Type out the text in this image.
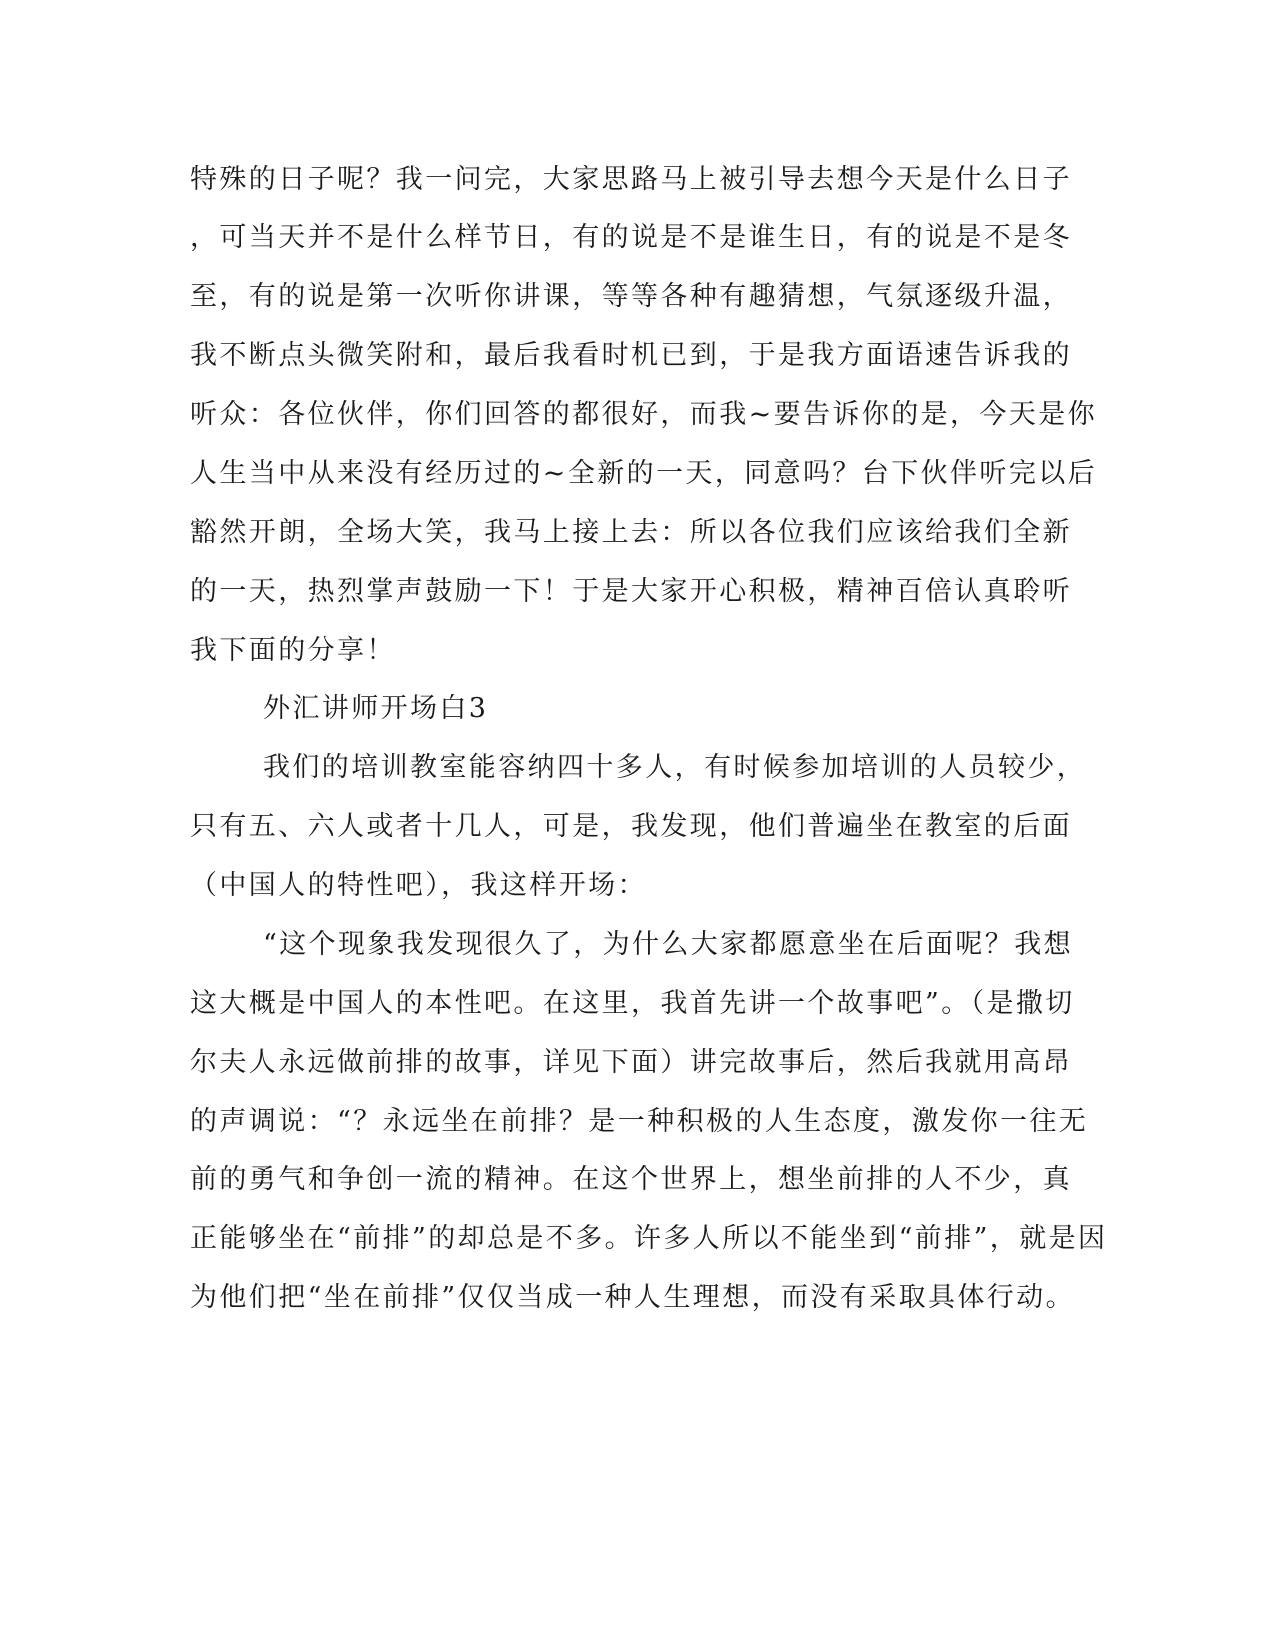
特殊的日子呢？我一问完，大家思路马上被引导去想今天是什么日子

，可当天并不是什么样节日，有的说是不是谁生日，有的说是不是冬

至，有的说是第一次听你讲课，等等各种有趣猜想，气氛逐级升温，

我不断点头微笑附和，最后我看时机已到，于是我方面语速告诉我的

听众：各位伙伴，你们回答的都很好，而我~要告诉你的是，今天是你

人生当中从来没有经历过的~全新的一天，同意吗？台下伙伴听完以后

豁然开朗，全场大笑，我马上接上去：所以各位我们应该给我们全新

的一天，热烈掌声鼓励一下！于是大家开心积极，精神百倍认真聆听

我下面的分享！

外汇讲师开场白3

我们的培训教室能容纳四十多人，有时候参加培训的人员较少，

只有五、六人或者十几人，可是，我发现，他们普遍坐在教室的后面

（中国人的特性吧），我这样开场：

“这个现象我发现很久了，为什么大家都愿意坐在后面呢？我想

这大概是中国人的本性吧。在这里，我首先讲一个故事吧”。（是撒切

尔夫人永远做前排的故事，详见下面）讲完故事后，然后我就用高昂

的声调说：“？永远坐在前排？是一种积极的人生态度，激发你一往无

前的勇气和争创一流的精神。在这个世界上，想坐前排的人不少，真

正能够坐在“前排”的却总是不多。许多人所以不能坐到“前排”，就是因

为他们把“坐在前排”仅仅当成一种人生理想，而没有采取具体行动。
